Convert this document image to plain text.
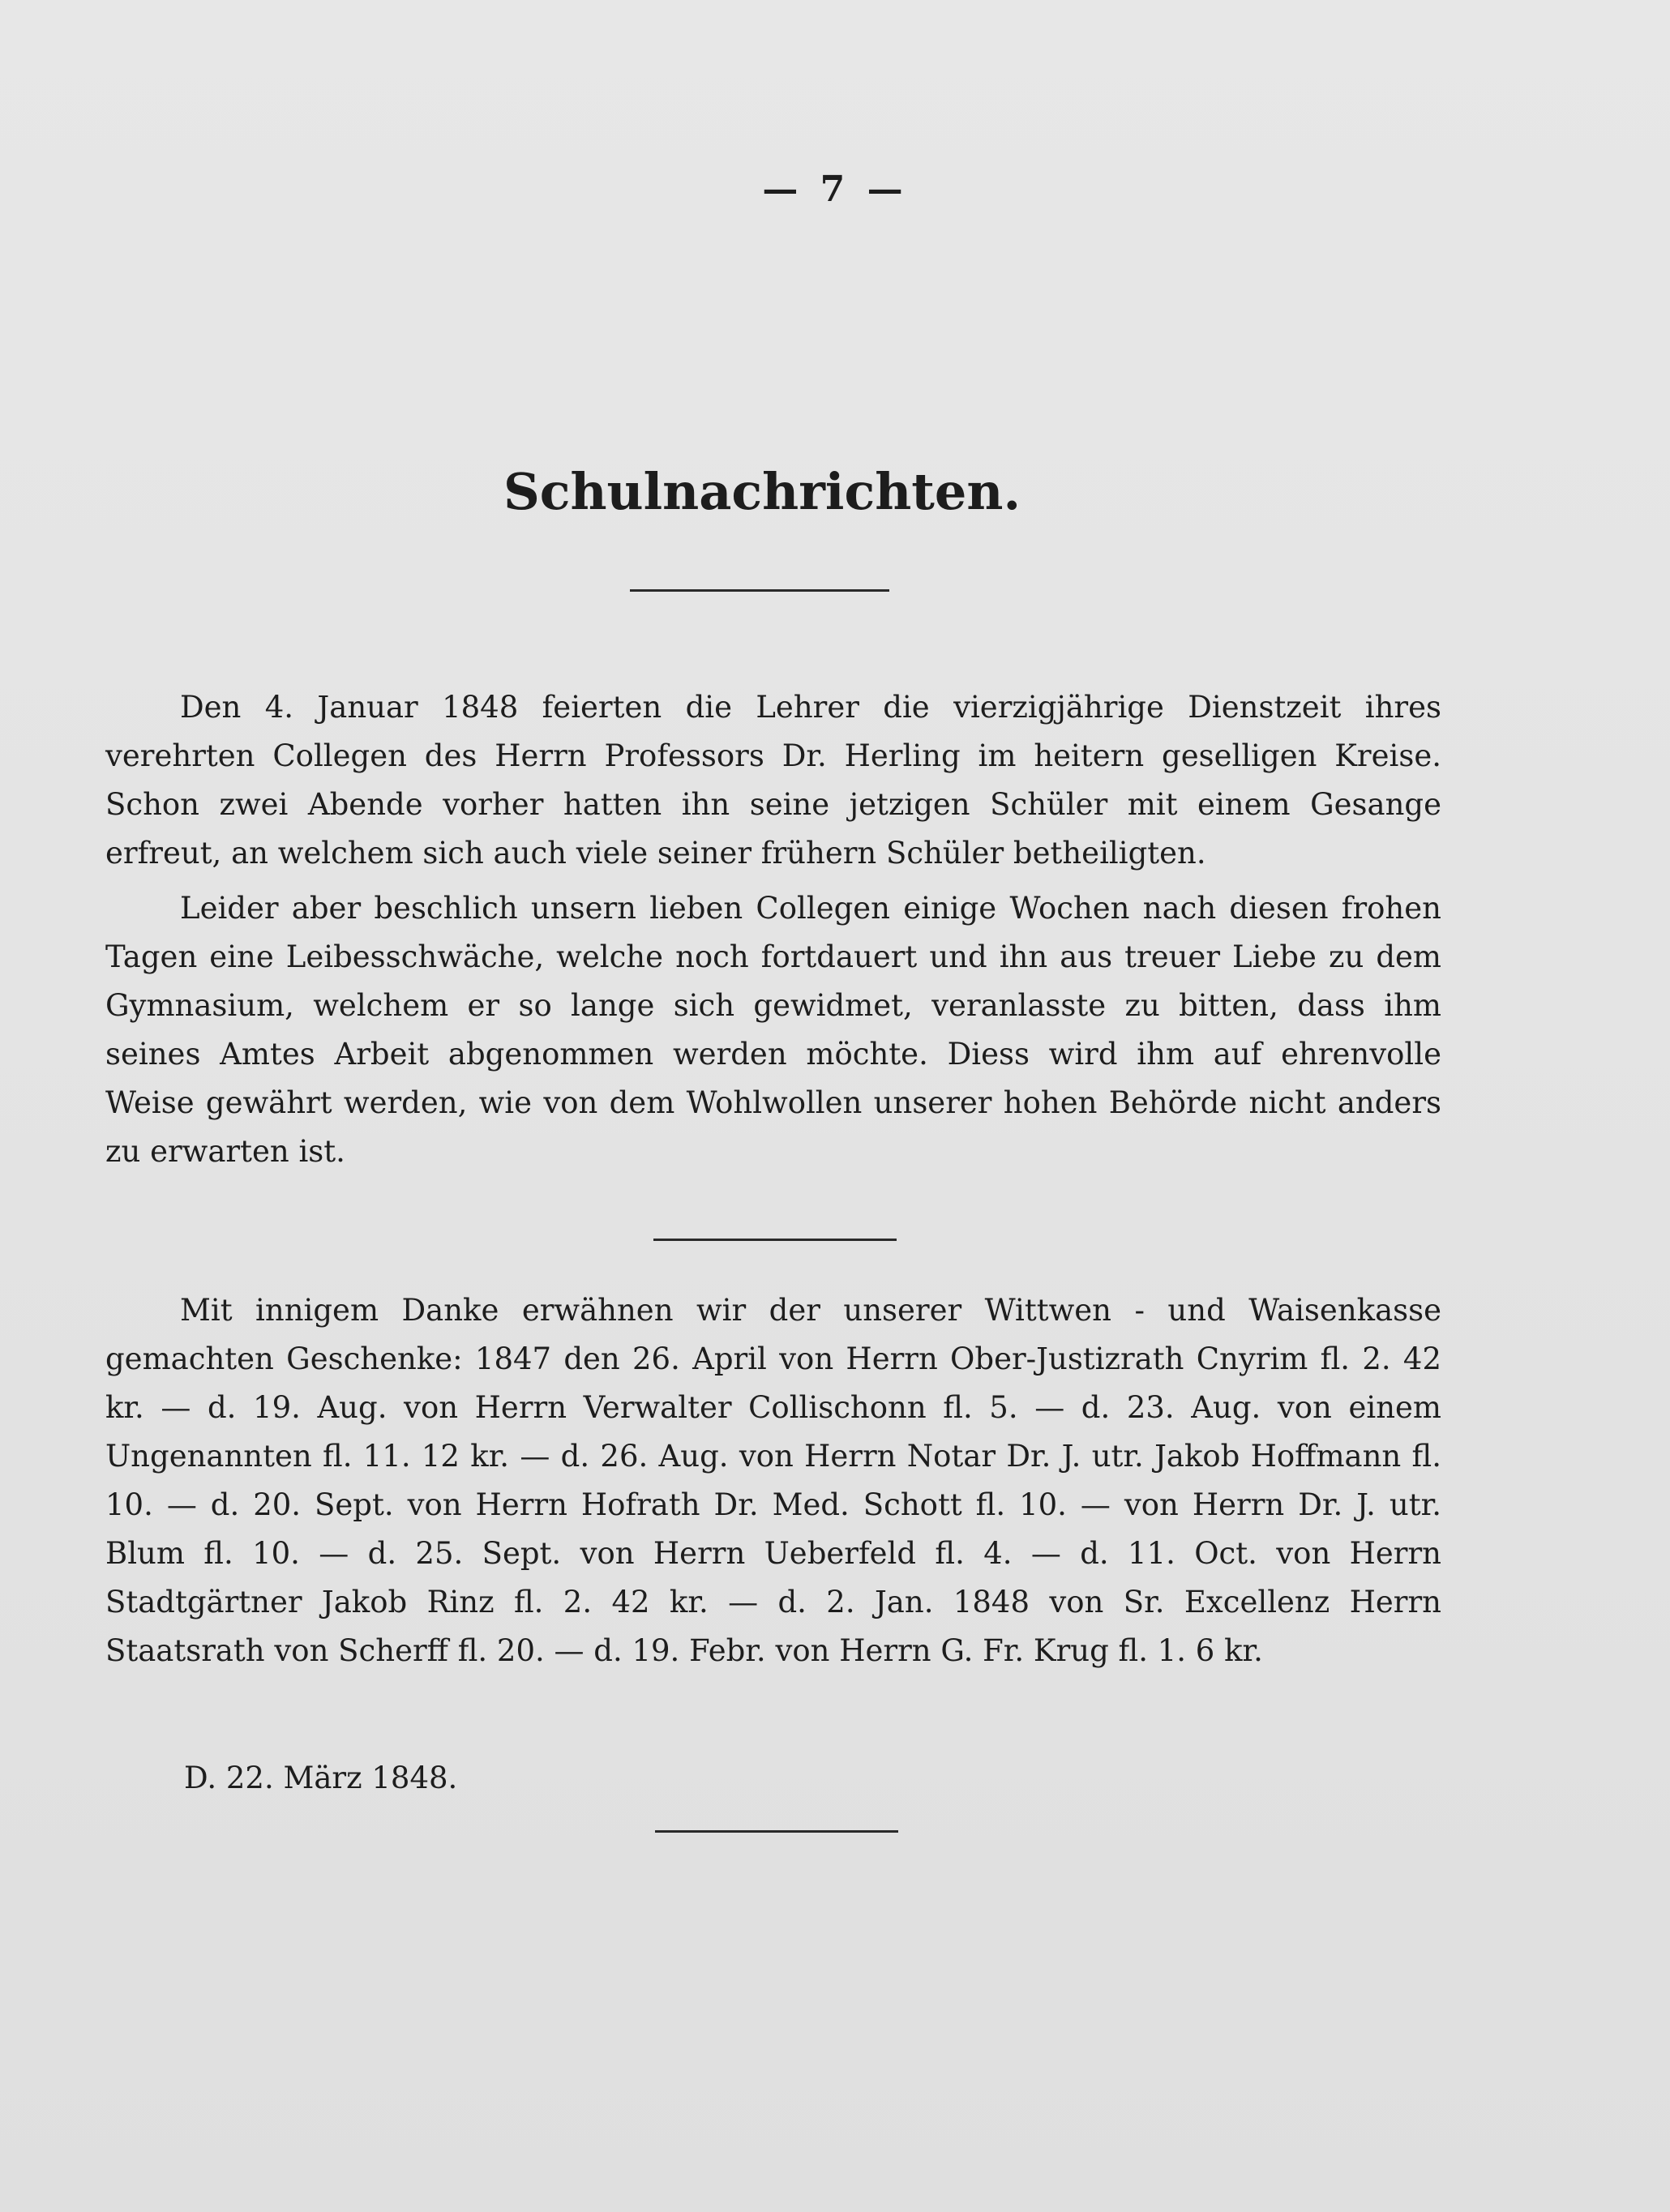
— 7 —
Schulnachrichten.

Den 4. Januar 1848 feierten die Lehrer die vierzigjährige Dienstzeit ihres verehrten Collegen des Herrn Professors Dr. Herling im heitern geselligen Kreise. Schon zwei Abende vorher hatten ihn seine jetzigen Schüler mit einem Gesange erfreut, an welchem sich auch viele seiner frühern Schüler betheiligten.

Leider aber beschlich unsern lieben Collegen einige Wochen nach diesen frohen Tagen eine Leibesschwäche, welche noch fortdauert und ihn aus treuer Liebe zu dem Gymnasium, welchem er so lange sich gewidmet, veranlasste zu bitten, dass ihm seines Amtes Arbeit abgenommen werden möchte. Diess wird ihm auf ehrenvolle Weise gewährt werden, wie von dem Wohlwollen unserer hohen Behörde nicht anders zu erwarten ist.

Mit innigem Danke erwähnen wir der unserer Wittwen - und Waisenkasse gemachten Geschenke: 1847 den 26. April von Herrn Ober-Justizrath Cnyrim fl. 2. 42 kr. — d. 19. Aug. von Herrn Verwalter Collischonn fl. 5. — d. 23. Aug. von einem Ungenannten fl. 11. 12 kr. — d. 26. Aug. von Herrn Notar Dr. J. utr. Jakob Hoffmann fl. 10. — d. 20. Sept. von Herrn Hofrath Dr. Med. Schott fl. 10. — von Herrn Dr. J. utr. Blum fl. 10. — d. 25. Sept. von Herrn Ueberfeld fl. 4. — d. 11. Oct. von Herrn Stadtgärtner Jakob Rinz fl. 2. 42 kr. — d. 2. Jan. 1848 von Sr. Excellenz Herrn Staatsrath von Scherff fl. 20. — d. 19. Febr. von Herrn G. Fr. Krug fl. 1. 6 kr.

D. 22. März 1848.
